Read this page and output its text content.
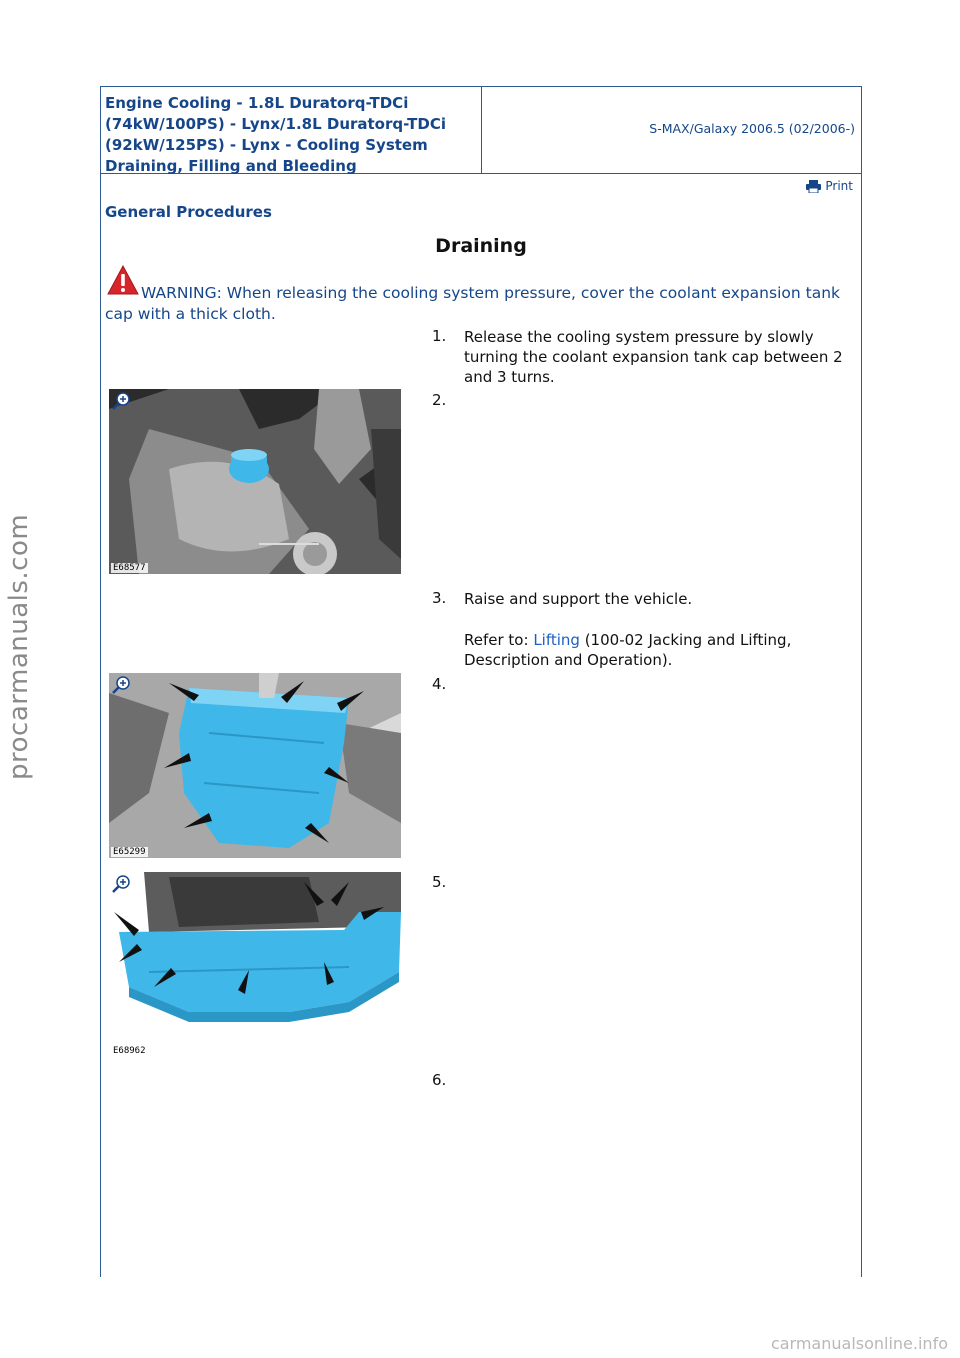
Engine Cooling - 1.8L Duratorq-TDCi (74kW/100PS) - Lynx/1.8L Duratorq-TDCi (92kW/125PS) - Lynx - Cooling System Draining, Filling and Bleeding
S-MAX/Galaxy 2006.5 (02/2006-)
Print
General Procedures
Draining
WARNING: When releasing the cooling system pressure, cover the coolant expansion tank cap with a thick cloth.
1. Release the cooling system pressure by slowly turning the coolant expansion tank cap between 2 and 3 turns.
E68577
2.
3. Raise and support the vehicle.
Refer to: Lifting (100-02 Jacking and Lifting, Description and Operation).
E65299
4.
E68962
5.
6.
procarmanuals.com
carmanualsonline.info
